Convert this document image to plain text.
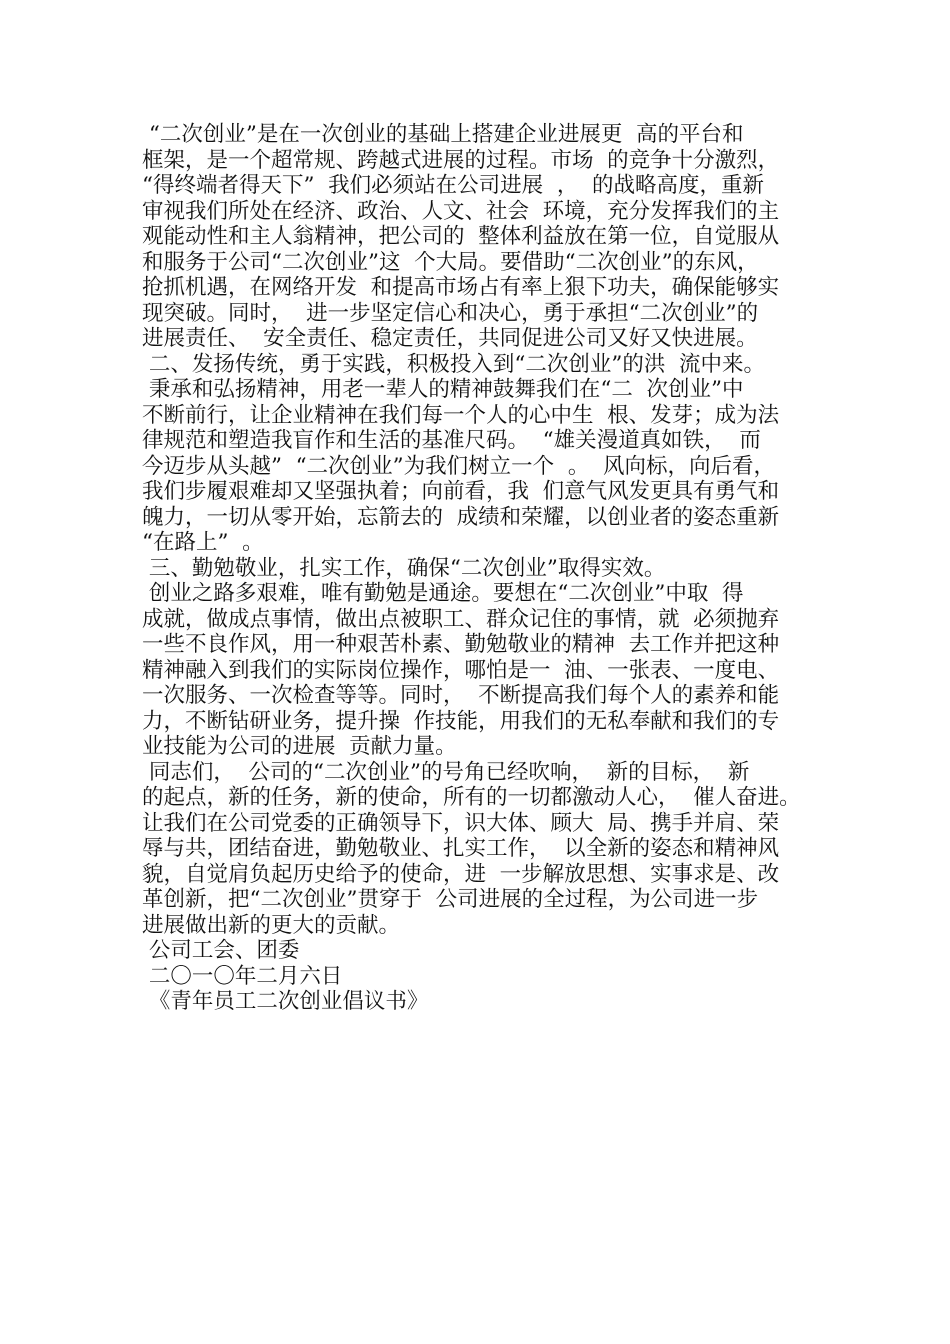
“二次创业”是在一次创业的基础上搭建企业进展更  高的平台和
框架，是一个超常规、跨越式进展的过程。市场  的竞争十分激烈，
“得终端者得天下”  我们必须站在公司进展  ，  的战略高度，重新
审视我们所处在经济、政治、人文、社会  环境，充分发挥我们的主
观能动性和主人翁精神，把公司的  整体利益放在第一位，自觉服从
和服务于公司“二次创业”这  个大局。要借助“二次创业”的东风，
抢抓机遇，在网络开发  和提高市场占有率上狠下功夫，确保能够实
现突破。同时，  进一步坚定信心和决心，勇于承担“二次创业”的
进展责任、  安全责任、稳定责任，共同促进公司又好又快进展。
二、发扬传统，勇于实践，积极投入到“二次创业”的洪  流中来。
秉承和弘扬精神，用老一辈人的精神鼓舞我们在“二  次创业”中
不断前行，让企业精神在我们每一个人的心中生  根、发芽；成为法
律规范和塑造我盲作和生活的基准尺码。  “雄关漫道真如铁，  而
今迈步从头越”  “二次创业”为我们树立一个  。  风向标，向后看，
我们步履艰难却又坚强执着；向前看，我  们意气风发更具有勇气和
魄力，一切从零开始，忘箭去的  成绩和荣耀，以创业者的姿态重新
“在路上”  。
三、勤勉敬业，扎实工作，确保“二次创业”取得实效。
创业之路多艰难，唯有勤勉是通途。要想在“二次创业”中取  得
成就，做成点事情，做出点被职工、群众记住的事情，就  必须抛弃
一些不良作风，用一种艰苦朴素、勤勉敬业的精神  去工作并把这种
精神融入到我们的实际岗位操作，哪怕是一  油、一张表、一度电、
一次服务、一次检查等等。同时，  不断提高我们每个人的素养和能
力，不断钻研业务，提升操  作技能，用我们的无私奉献和我们的专
业技能为公司的进展  贡献力量。
同志们，  公司的“二次创业”的号角已经吹响，  新的目标，  新
的起点，新的任务，新的使命，所有的一切都激动人心，  催人奋进。
让我们在公司党委的正确领导下，识大体、顾大  局、携手并肩、荣
辱与共，团结奋进，勤勉敬业、扎实工作，  以全新的姿态和精神风
貌，自觉肩负起历史给予的使命，进  一步解放思想、实事求是、改
革创新，把“二次创业”贯穿于  公司进展的全过程，为公司进一步
进展做出新的更大的贡献。
公司工会、团委
二〇一〇年二月六日
《青年员工二次创业倡议书》
